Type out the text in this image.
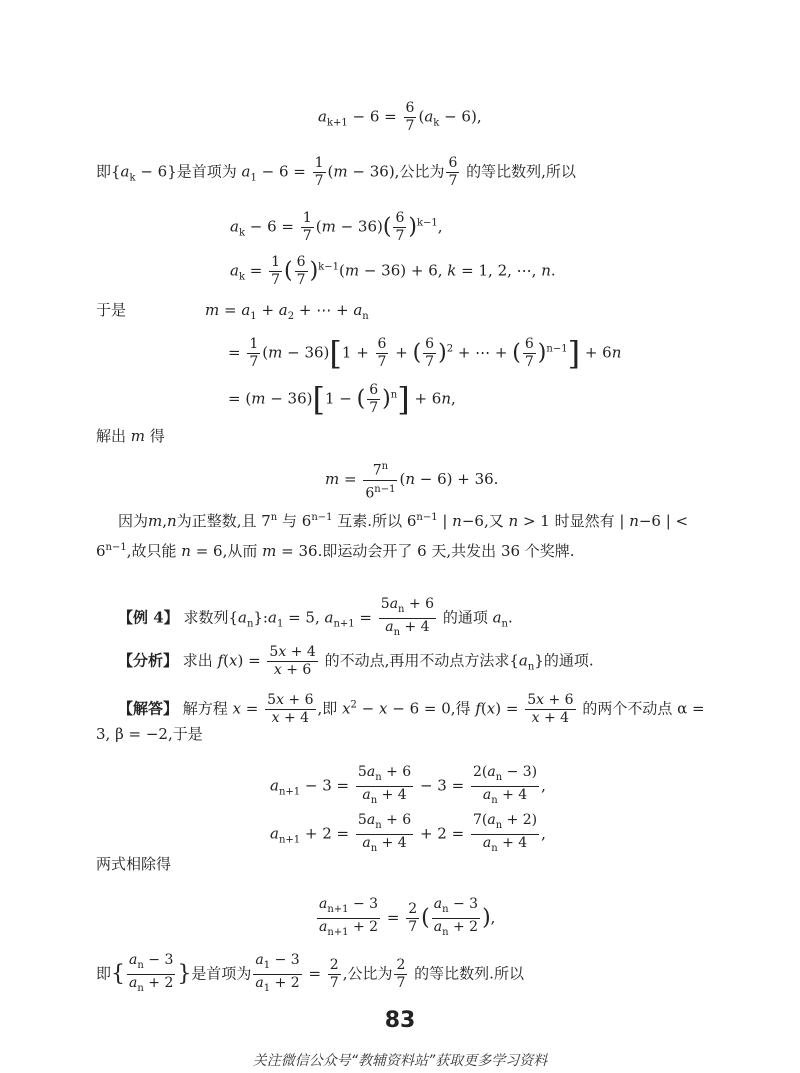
$a_{k+1} - 6 = \frac{6}{7} (a_k - 6)$,
即$\{a_k - 6\}$是首项为 $a_1 - 6 = \frac{1}{7} (m - 36)$,公比为 $\frac{6}{7}$ 的等比数列,所以
$a_k - 6 = \frac{1}{7} (m - 36)( \frac{6}{7} )^{k-1}$,
$a_k = \frac{1}{7}$ ( $\frac{6}{7} )^{k-1}(m - 36) + 6$, k = 1, 2, ⋯, n.
于是	$m = a_1 + a_2$ + ⋯ + $a_n$
= $\frac{1}{7} (m - 36)[1 + \frac{6}{7}$ + ( $\frac{6}{7} )^2$ + ⋯ + ( $\frac{6}{7} )^{n-1}] + 6n$
= (m − 36)[1 − ( $\frac{6}{7} )^n] + 6n$,
解出 m 得
$m = \frac{7^n}{6^{n-1}} (n - 6) + 36$.
因为m,n为正整数,且 7$^n$ 与 $6^{n-1}$ 互素.所以 $6^{n-1}$ | n−6,又 n > 1 时显然有 | n−6 | <
$6^{n-1}$,故只能 n = 6,从而 m = 36.即运动会开了 6 天,共发出 36 个奖牌.
【例 4】 求数列$\{a_n\}:a_1 = 5$, $a_{n+1} = \frac{5a_n + 6}{a_n + 4}$ 的通项 $a_n$.
【分析】 求出 $f(x) = \frac{5x + 4}{x + 6}$ 的不动点,再用不动点方法求$\{a_n\}$的通项.
【解答】 解方程 $x = \frac{5x + 6}{x + 4}$ ,即 $x^2 - x - 6 = 0$,得 $f(x) = \frac{5x + 6}{x + 4}$ 的两个不动点 α =
3, β = −2,于是
$a_{n+1} - 3 = \frac{5a_n + 6}{a_n + 4} - 3 = \frac{2(a_n - 3)}{a_n + 4}$ ,
$a_{n+1} + 2 = \frac{5a_n + 6}{a_n + 4} + 2 = \frac{7(a_n + 2)}{a_n + 4}$ ,
两式相除得
$\frac{a_{n+1} - 3}{a_{n+1} + 2} = \frac{2}{7}$ ( $\frac{a_n - 3}{a_n + 2}$ ),
即{ $\frac{a_n - 3}{a_n + 2}$ }是首项为 $\frac{a_1 - 3}{a_1 + 2} = \frac{2}{7}$ ,公比为 $\frac{2}{7}$ 的等比数列.所以
83
关注微信公众号“教辅资料站”获取更多学习资料
